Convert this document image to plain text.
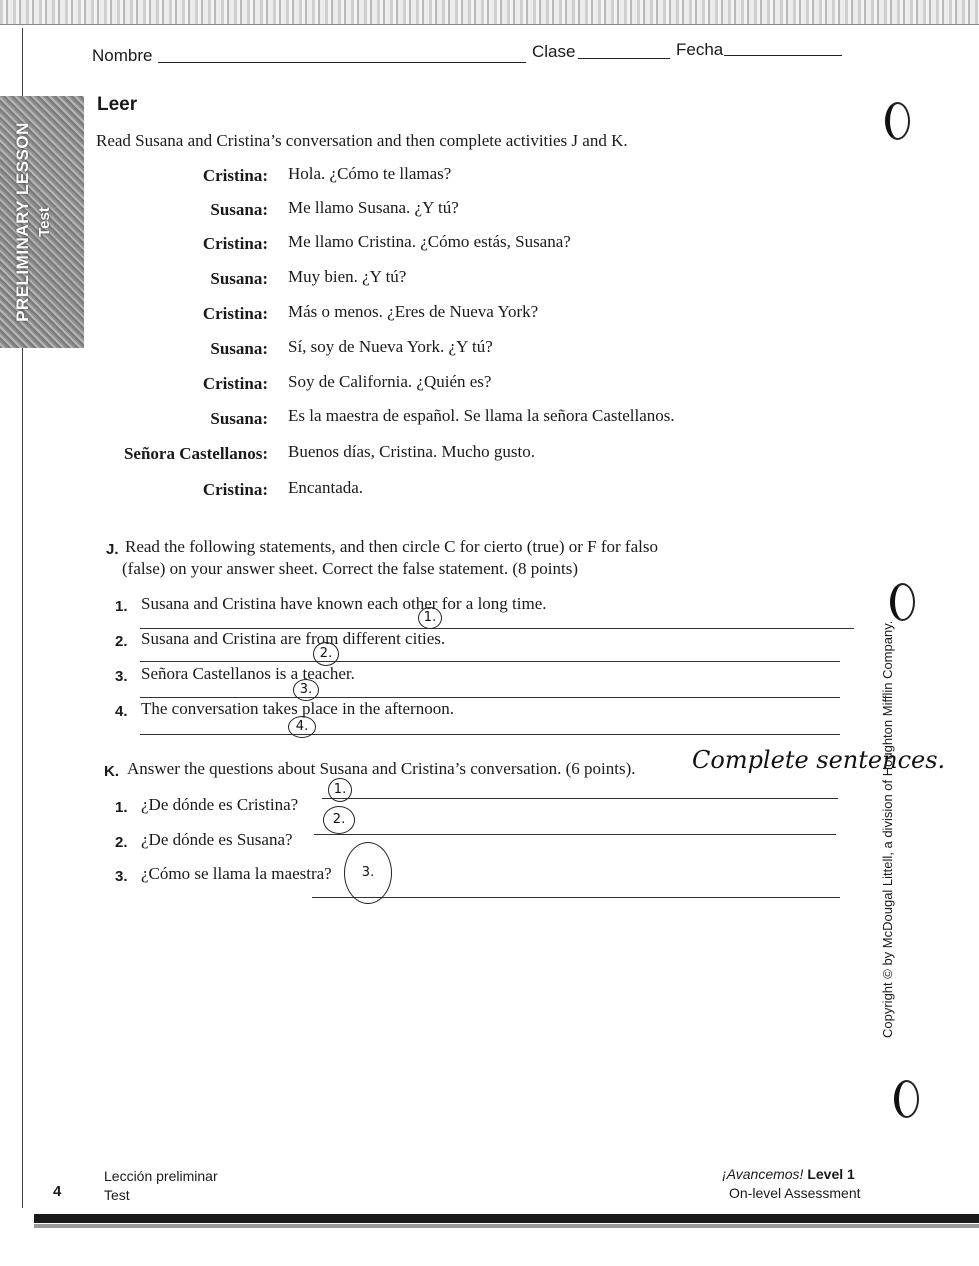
PRELIMINARY LESSON Test
Nombre	Clase	Fecha
Leer
Read Susana and Cristina’s conversation and then complete activities J and K.
Cristina: Hola. ¿Cómo te llamas?
Susana: Me llamo Susana. ¿Y tú?
Cristina: Me llamo Cristina. ¿Cómo estás, Susana?
Susana: Muy bien. ¿Y tú?
Cristina: Más o menos. ¿Eres de Nueva York?
Susana: Sí, soy de Nueva York. ¿Y tú?
Cristina: Soy de California. ¿Quién es?
Susana: Es la maestra de español. Se llama la señora Castellanos.
Señora Castellanos: Buenos días, Cristina. Mucho gusto.
Cristina: Encantada.
J. Read the following statements, and then circle C for cierto (true) or F for falso
(false) on your answer sheet. Correct the false statement. (8 points)
1. Susana and Cristina have known each other for a long time.
1.
2. Susana and Cristina are from different cities.
2.
3. Señora Castellanos is a teacher.
3.
4. The conversation takes place in the afternoon.
4.
K. Answer the questions about Susana and Cristina’s conversation. (6 points). Complete sentences.
1. ¿De dónde es Cristina?
1.
2. ¿De dónde es Susana?
2.
3. ¿Cómo se llama la maestra?	3.	Copyright © by McDougal Littell, a division of Houghton Mifflin Company.
4
Lección preliminar
Test
¡Avancemos! Level 1
On-level Assessment
